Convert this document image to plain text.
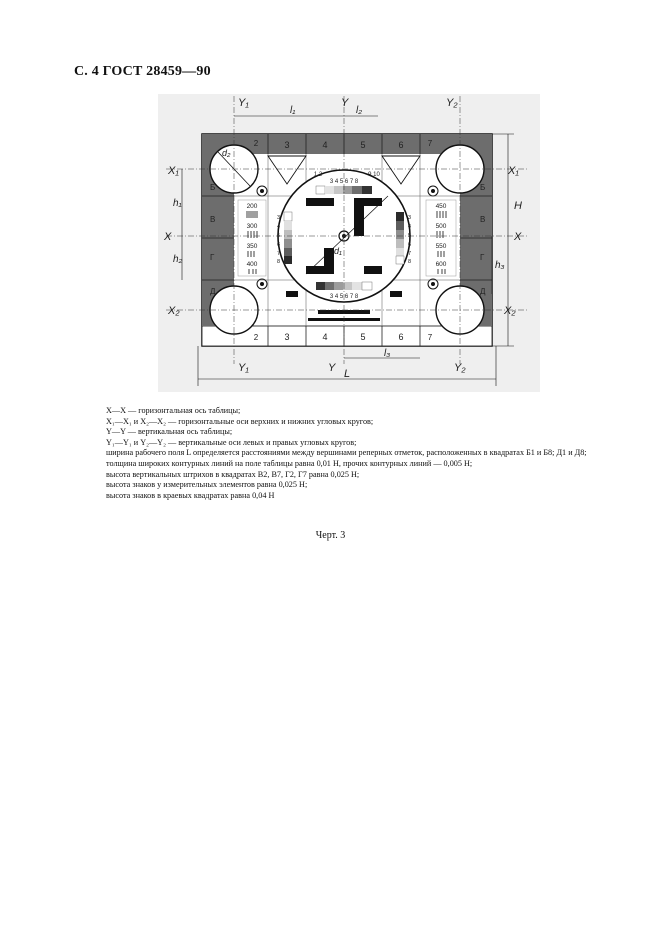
С. 4 ГОСТ 28459—90
3	4	5	6
2	7
3	4	5	6
2	7
Б
В
Г
Д
Б
В
Г
Д
200
300
350
400
450
500
550
600
3 4 5 6 7 8
3 4 5 6 7 8
1 2	9 10
3
4
5
6
7
8
3
4
5
6
7
8
Y₁	Y	Y₂
l₁	l₂
X₁
X
X₂
X₁
X
X₂
h₁
h₂
h₃
H
Y₁	Y	Y₂
l₃
L
d₁
d₂

X—X — горизонтальная ось таблицы;

X₁—X₁ и X₂—X₂ — горизонтальные оси верхних и нижних угловых кругов;

Y—Y — вертикальная ось таблицы;

Y₁—Y₁ и Y₂—Y₂ — вертикальные оси левых и правых угловых кругов;

ширина рабочего поля L определяется расстояниями между вершинами реперных отметок, расположенных в квадратах Б1 и Б8; Д1 и Д8;

толщина широких контурных линий на поле таблицы равна 0,01 H, прочих контурных линий — 0,005 H;

высота вертикальных штрихов в квадратах В2, В7, Г2, Г7 равна 0,025 H;

высота знаков у измерительных элементов равна 0,025 H;

высота знаков в краевых квадратах равна 0,04 H

Черт. 3
